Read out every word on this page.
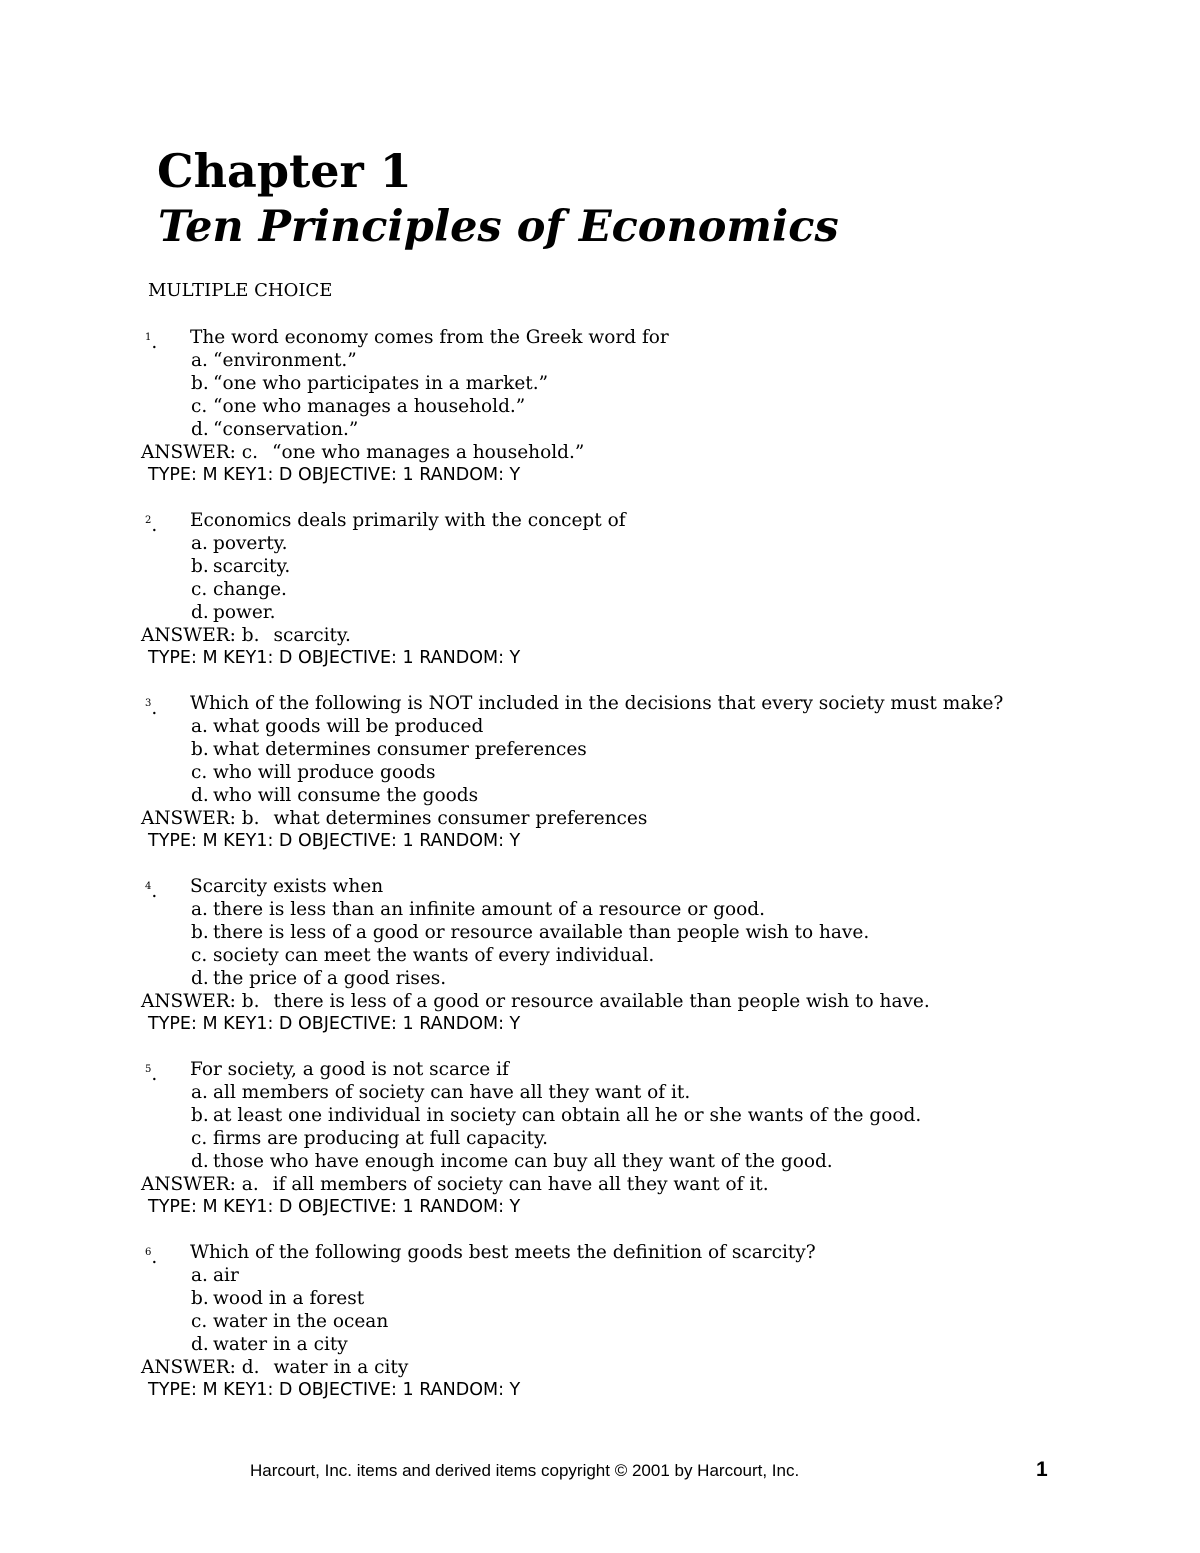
Chapter 1
Ten Principles of Economics
MULTIPLE CHOICE
$^1$. The word economy comes from the Greek word for
a. “environment.”
b. “one who participates in a market.”
c. “one who manages a household.”
d. “conservation.”
ANSWER: c. “one who manages a household.”
TYPE: M KEY1: D OBJECTIVE: 1 RANDOM: Y
$^2$. Economics deals primarily with the concept of
a. poverty.
b. scarcity.
c. change.
d. power.
ANSWER: b. scarcity.
TYPE: M KEY1: D OBJECTIVE: 1 RANDOM: Y
$^3$. Which of the following is NOT included in the decisions that every society must make?
a. what goods will be produced
b. what determines consumer preferences
c. who will produce goods
d. who will consume the goods
ANSWER: b. what determines consumer preferences
TYPE: M KEY1: D OBJECTIVE: 1 RANDOM: Y
$^4$. Scarcity exists when
a. there is less than an infinite amount of a resource or good.
b. there is less of a good or resource available than people wish to have.
c. society can meet the wants of every individual.
d. the price of a good rises.
ANSWER: b. there is less of a good or resource available than people wish to have.
TYPE: M KEY1: D OBJECTIVE: 1 RANDOM: Y
$^5$. For society, a good is not scarce if
a. all members of society can have all they want of it.
b. at least one individual in society can obtain all he or she wants of the good.
c. firms are producing at full capacity.
d. those who have enough income can buy all they want of the good.
ANSWER: a. if all members of society can have all they want of it.
TYPE: M KEY1: D OBJECTIVE: 1 RANDOM: Y
$^6$. Which of the following goods best meets the definition of scarcity?
a. air
b. wood in a forest
c. water in the ocean
d. water in a city
ANSWER: d. water in a city
TYPE: M KEY1: D OBJECTIVE: 1 RANDOM: Y
Harcourt, Inc. items and derived items copyright © 2001 by Harcourt, Inc.	1
